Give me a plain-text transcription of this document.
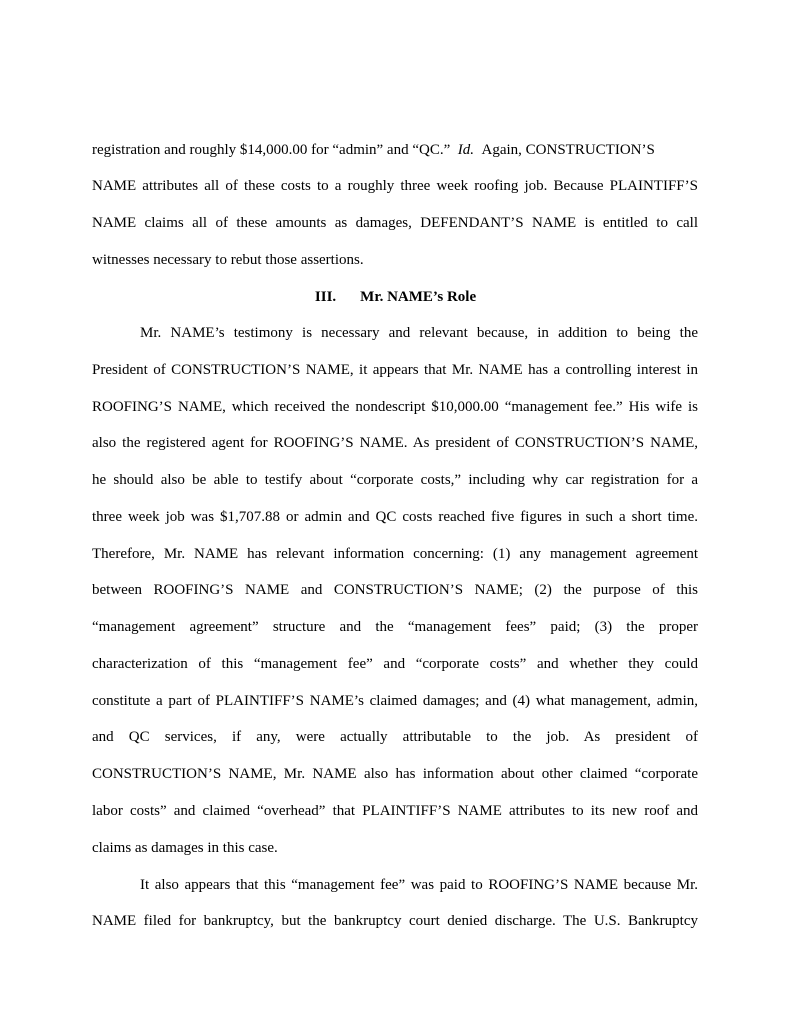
registration and roughly $14,000.00 for “admin” and “QC.” Id. Again, CONSTRUCTION’S
NAME attributes all of these costs to a roughly three week roofing job. Because PLAINTIFF’S
NAME claims all of these amounts as damages, DEFENDANT’S NAME is entitled to call
witnesses necessary to rebut those assertions.
III. Mr. NAME’s Role
Mr. NAME’s testimony is necessary and relevant because, in addition to being the
President of CONSTRUCTION’S NAME, it appears that Mr. NAME has a controlling interest in
ROOFING’S NAME, which received the nondescript $10,000.00 “management fee.” His wife is
also the registered agent for ROOFING’S NAME. As president of CONSTRUCTION’S NAME,
he should also be able to testify about “corporate costs,” including why car registration for a
three week job was $1,707.88 or admin and QC costs reached five figures in such a short time.
Therefore, Mr. NAME has relevant information concerning: (1) any management agreement
between ROOFING’S NAME and CONSTRUCTION’S NAME; (2) the purpose of this
“management agreement” structure and the “management fees” paid; (3) the proper
characterization of this “management fee” and “corporate costs” and whether they could
constitute a part of PLAINTIFF’S NAME’s claimed damages; and (4) what management, admin,
and QC services, if any, were actually attributable to the job. As president of
CONSTRUCTION’S NAME, Mr. NAME also has information about other claimed “corporate
labor costs” and claimed “overhead” that PLAINTIFF’S NAME attributes to its new roof and
claims as damages in this case.
It also appears that this “management fee” was paid to ROOFING’S NAME because Mr.
NAME filed for bankruptcy, but the bankruptcy court denied discharge. The U.S. Bankruptcy
